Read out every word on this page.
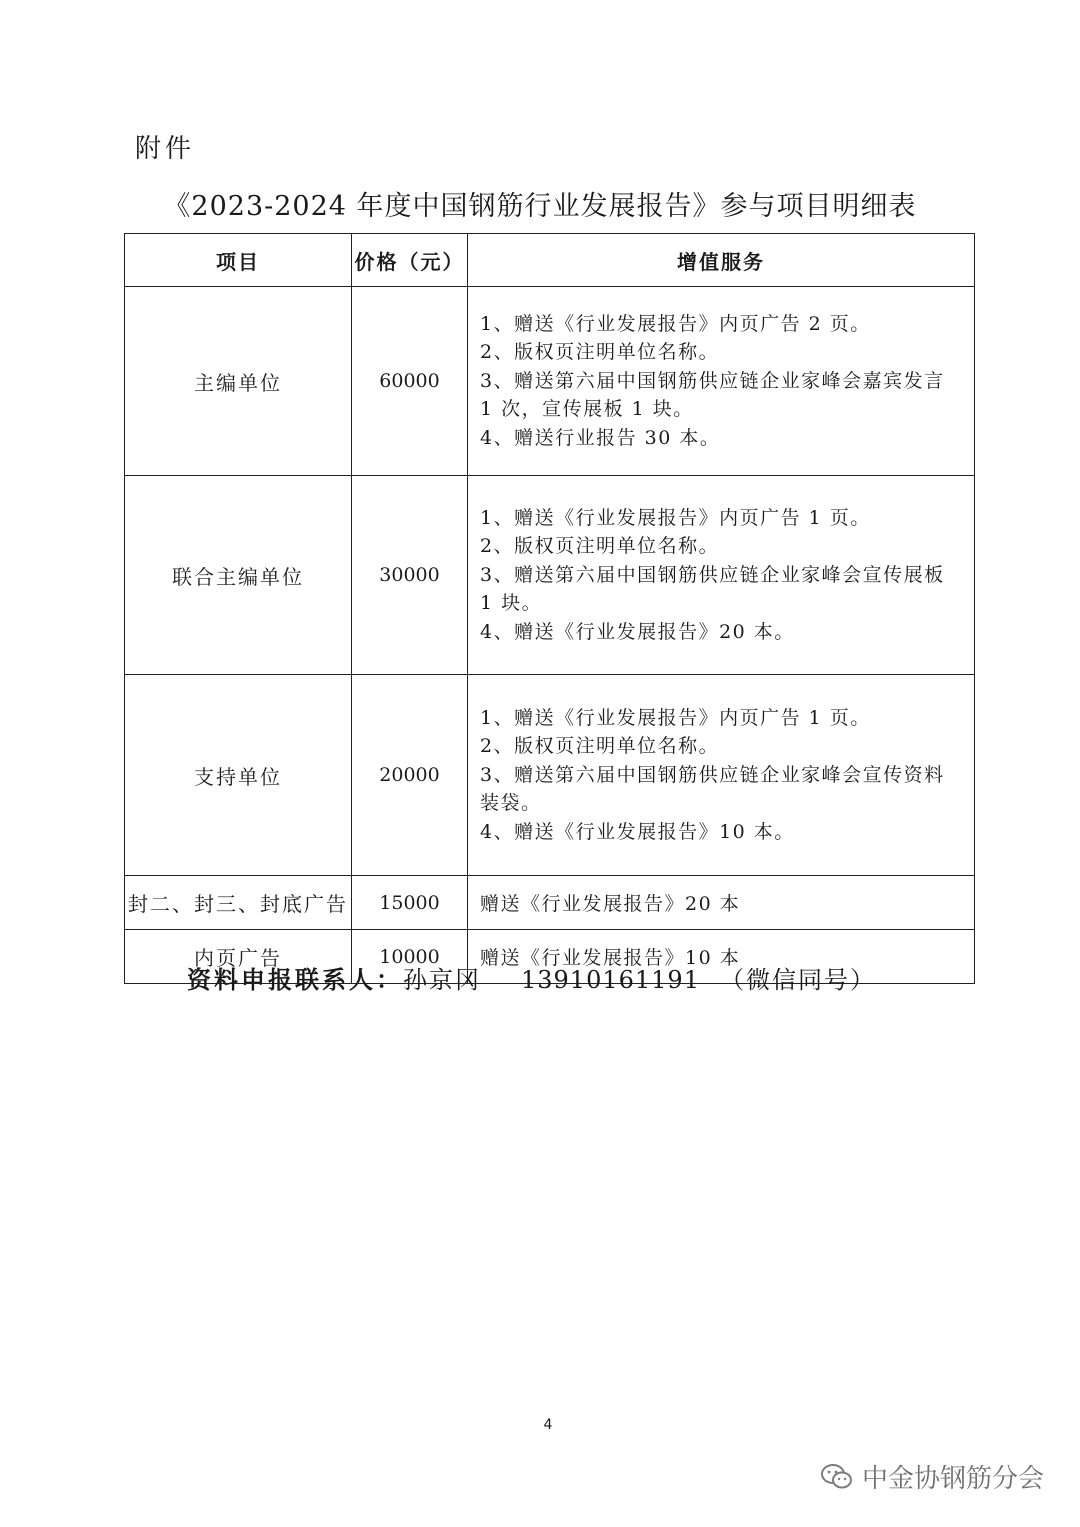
附件
《2023-2024 年度中国钢筋行业发展报告》参与项目明细表
项目	价格（元）	增值服务
主编单位	60000	1、赠送《行业发展报告》内页广告 2 页。
2、版权页注明单位名称。
3、赠送第六届中国钢筋供应链企业家峰会嘉宾发言
1 次，宣传展板 1 块。
4、赠送行业报告 30 本。

联合主编单位	30000	1、赠送《行业发展报告》内页广告 1 页。
2、版权页注明单位名称。
3、赠送第六届中国钢筋供应链企业家峰会宣传展板
1 块。
4、赠送《行业发展报告》20 本。

支持单位	20000	1、赠送《行业发展报告》内页广告 1 页。
2、版权页注明单位名称。
3、赠送第六届中国钢筋供应链企业家峰会宣传资料
装袋。
4、赠送《行业发展报告》10 本。

封二、封三、封底广告	15000	赠送《行业发展报告》20 本
内页广告	10000	赠送《行业发展报告》10 本
资料申报联系人：孙京冈 13910161191 （微信同号）
4
中金协钢筋分会
